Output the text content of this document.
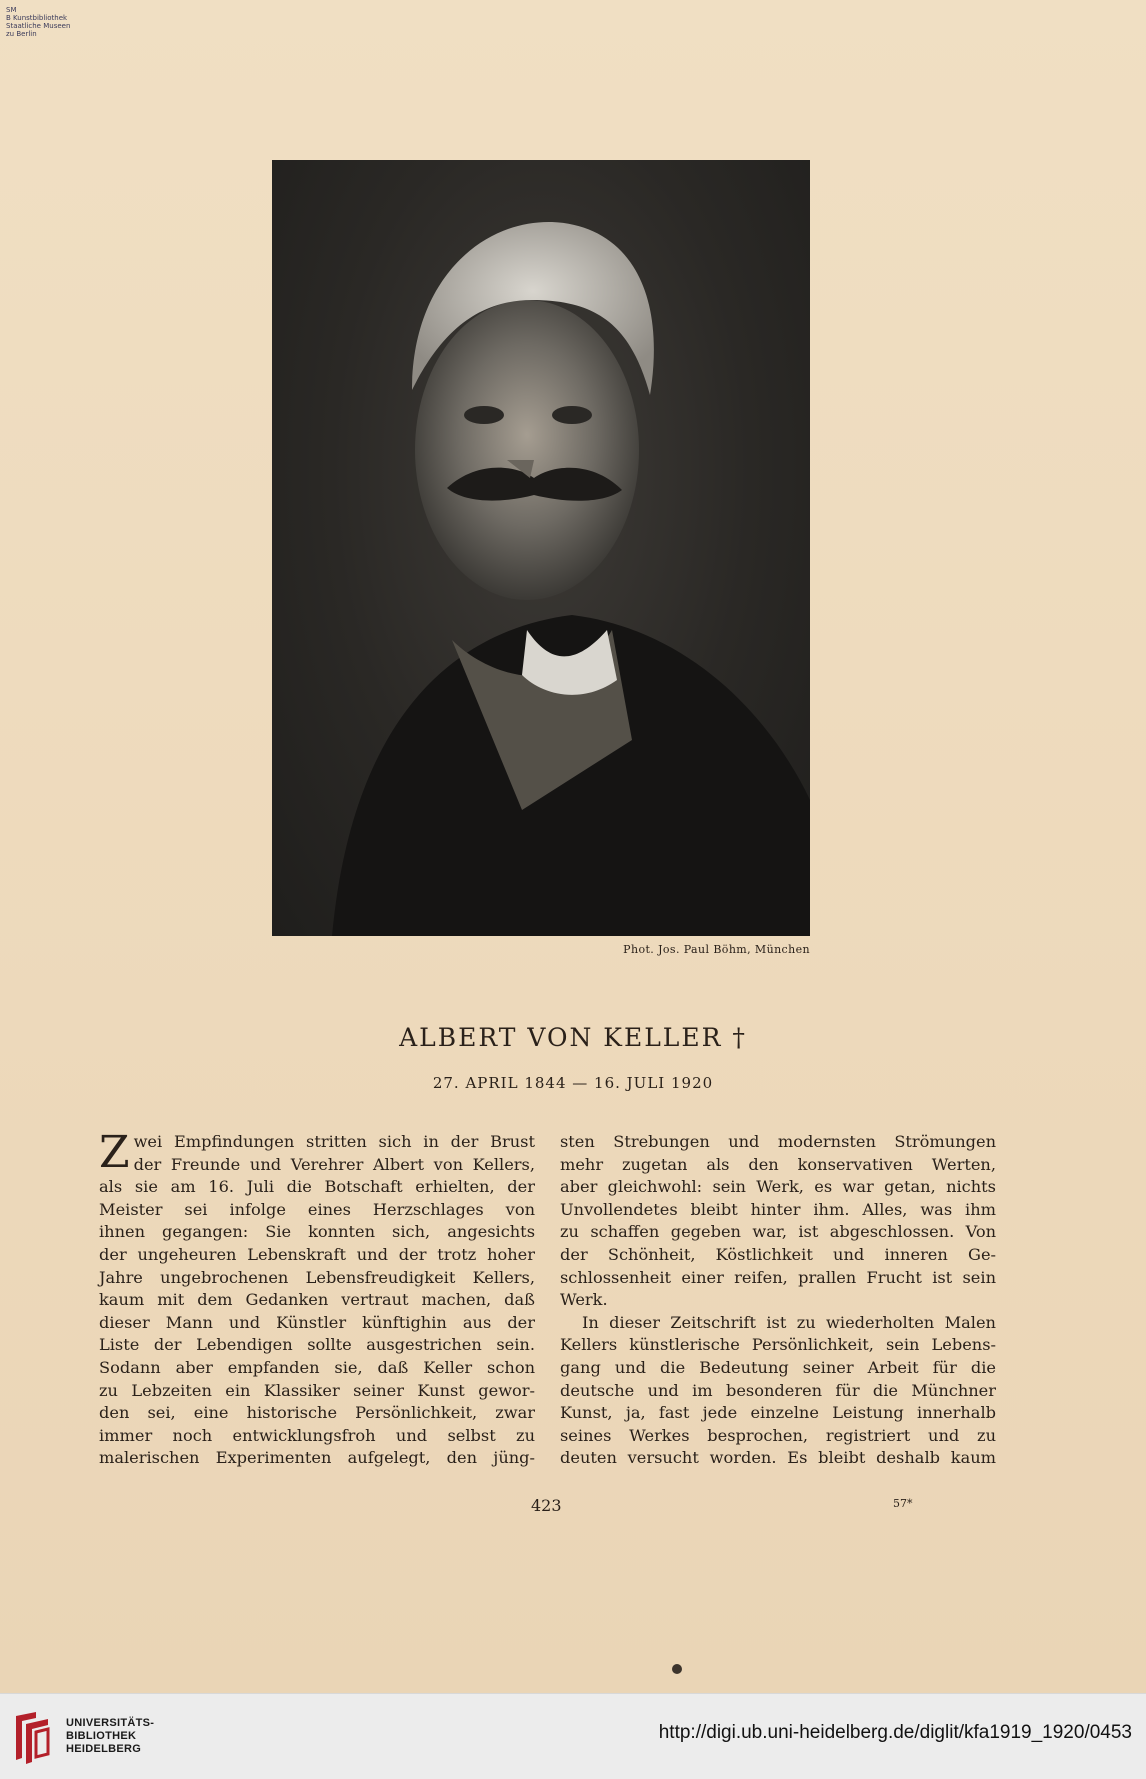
SM
B Kunstbibliothek
Staatliche Museen
zu Berlin
Phot. Jos. Paul Böhm, München
ALBERT VON KELLER †
27. APRIL 1844 — 16. JULI 1920
Z wei Empfindungen stritten sich in der Brust
der Freunde und Verehrer Albert von Kellers,
als sie am 16. Juli die Botschaft erhielten, der
Meister sei infolge eines Herzschlages von
ihnen gegangen: Sie konnten sich, angesichts
der ungeheuren Lebenskraft und der trotz hoher
Jahre ungebrochenen Lebensfreudigkeit Kellers,
kaum mit dem Gedanken vertraut machen, daß
dieser Mann und Künstler künftighin aus der
Liste der Lebendigen sollte ausgestrichen sein.
Sodann aber empfanden sie, daß Keller schon
zu Lebzeiten ein Klassiker seiner Kunst gewor-
den sei, eine historische Persönlichkeit, zwar
immer noch entwicklungsfroh und selbst zu
malerischen Experimenten aufgelegt, den jüng-
sten Strebungen und modernsten Strömungen
mehr zugetan als den konservativen Werten,
aber gleichwohl: sein Werk, es war getan, nichts
Unvollendetes bleibt hinter ihm. Alles, was ihm
zu schaffen gegeben war, ist abgeschlossen. Von
der Schönheit, Köstlichkeit und inneren Ge-
schlossenheit einer reifen, prallen Frucht ist sein
Werk.
In dieser Zeitschrift ist zu wiederholten Malen
Kellers künstlerische Persönlichkeit, sein Lebens-
gang und die Bedeutung seiner Arbeit für die
deutsche und im besonderen für die Münchner
Kunst, ja, fast jede einzelne Leistung innerhalb
seines Werkes besprochen, registriert und zu
deuten versucht worden. Es bleibt deshalb kaum
423	57*
UNIVERSITÄTS-
BIBLIOTHEK
HEIDELBERG
http://digi.ub.uni-heidelberg.de/diglit/kfa1919_1920/0453
